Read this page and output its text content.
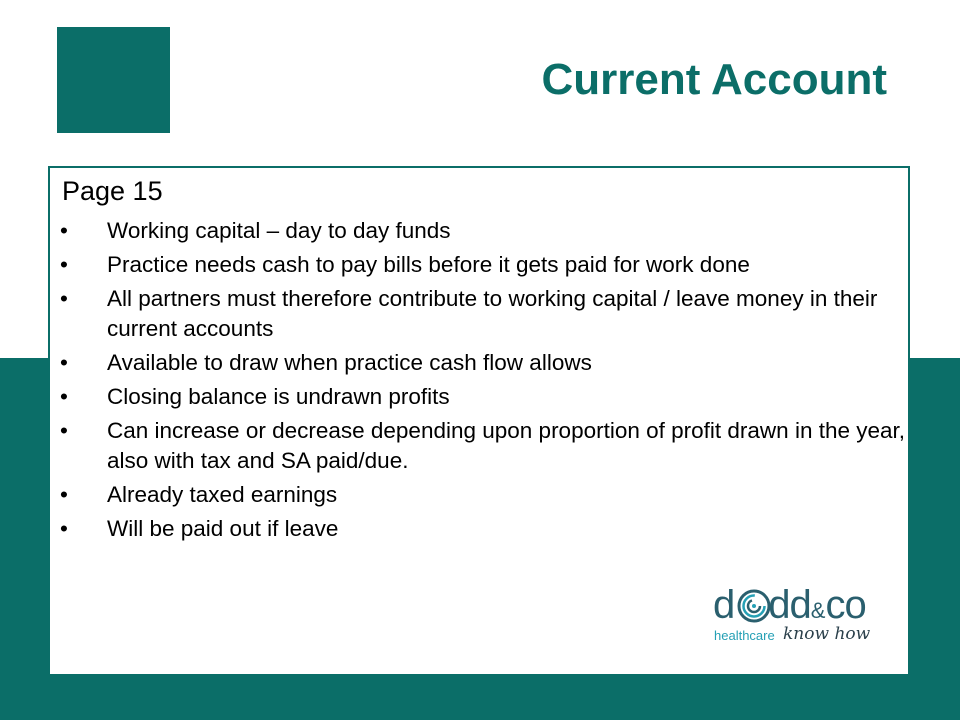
Current Account
Page 15
•	Working capital – day to day funds
•	Practice needs cash to pay bills before it gets paid for work done
•	All partners must therefore contribute to working capital / leave money in their current accounts
•	Available to draw when practice cash flow allows
•	Closing balance is undrawn profits
•	Can increase or decrease depending upon proportion of profit drawn in the year, also with tax and SA paid/due.
•	Already taxed earnings
•	Will be paid out if leave
d dd&co
healthcare know how
